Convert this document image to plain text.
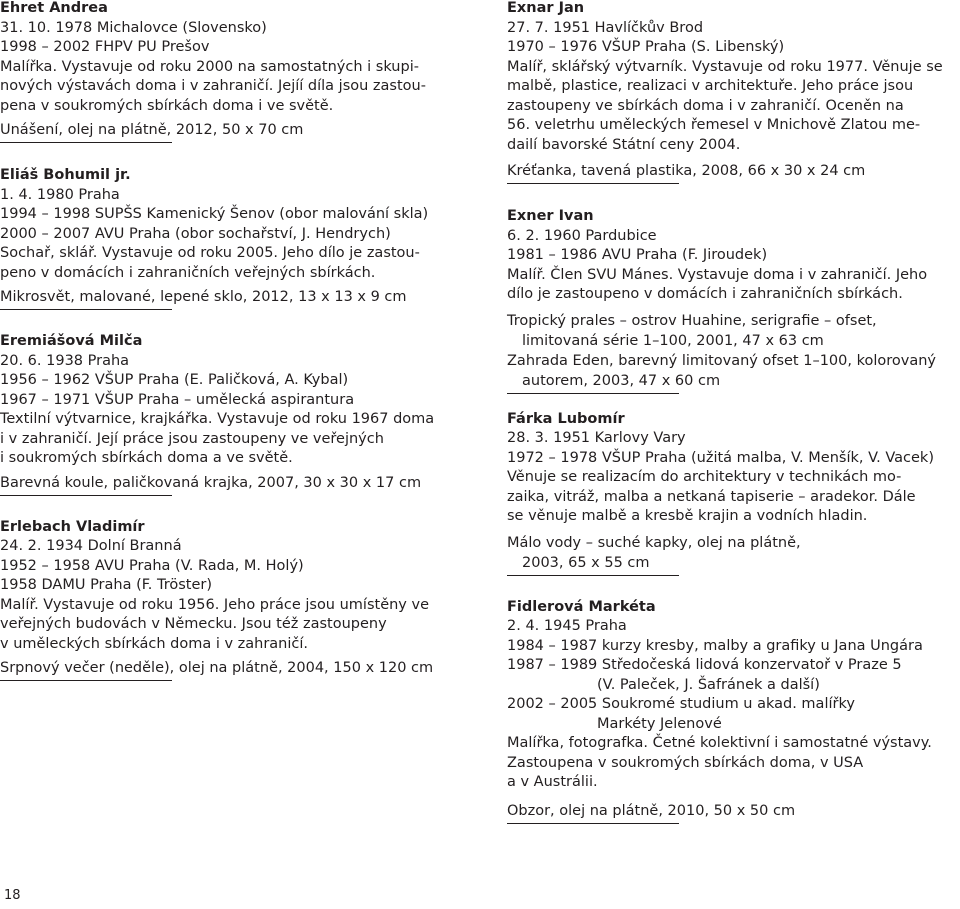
Ehret Andrea
31. 10. 1978 Michalovce (Slovensko)
1998 – 2002 FHPV PU Prešov
Malířka. Vystavuje od roku 2000 na samostatných i skupi-
nových výstavách doma i v zahraničí. Jejíí díla jsou zastou-
pena v soukromých sbírkách doma i ve světě.
Unášení, olej na plátně, 2012, 50 x 70 cm
Eliáš Bohumil jr.
1. 4. 1980 Praha
1994 – 1998 SUPŠS Kamenický Šenov (obor malování skla)
2000 – 2007 AVU Praha (obor sochařství, J. Hendrych)
Sochař, sklář. Vystavuje od roku 2005. Jeho dílo je zastou-
peno v domácích i zahraničních veřejných sbírkách.
Mikrosvět, malované, lepené sklo, 2012, 13 x 13 x 9 cm
Eremiášová Milča
20. 6. 1938 Praha
1956 – 1962 VŠUP Praha (E. Paličková, A. Kybal)
1967 – 1971 VŠUP Praha – umělecká aspirantura
Textilní výtvarnice, krajkářka. Vystavuje od roku 1967 doma
i v zahraničí. Její práce jsou zastoupeny ve veřejných
i soukromých sbírkách doma a ve světě.
Barevná koule, paličkovaná krajka, 2007, 30 x 30 x 17 cm
Erlebach Vladimír
24. 2. 1934 Dolní Branná
1952 – 1958 AVU Praha (V. Rada, M. Holý)
1958 DAMU Praha (F. Tröster)
Malíř. Vystavuje od roku 1956. Jeho práce jsou umístěny ve
veřejných budovách v Německu. Jsou též zastoupeny
v uměleckých sbírkách doma i v zahraničí.
Srpnový večer (neděle), olej na plátně, 2004, 150 x 120 cm
Exnar Jan
27. 7. 1951 Havlíčkův Brod
1970 – 1976 VŠUP Praha (S. Libenský)
Malíř, sklářský výtvarník. Vystavuje od roku 1977. Věnuje se
malbě, plastice, realizaci v architektuře. Jeho práce jsou
zastoupeny ve sbírkách doma i v zahraničí. Oceněn na
56. veletrhu uměleckých řemesel v Mnichově Zlatou me-
dailí bavorské Státní ceny 2004.
Kréťanka, tavená plastika, 2008, 66 x 30 x 24 cm
Exner Ivan
6. 2. 1960 Pardubice
1981 – 1986 AVU Praha (F. Jiroudek)
Malíř. Člen SVU Mánes. Vystavuje doma i v zahraničí. Jeho
dílo je zastoupeno v domácích i zahraničních sbírkách.
Tropický prales – ostrov Huahine, serigrafie – ofset,
limitovaná série 1–100, 2001, 47 x 63 cm
Zahrada Eden, barevný limitovaný ofset 1–100, kolorovaný
autorem, 2003, 47 x 60 cm
Fárka Lubomír
28. 3. 1951 Karlovy Vary
1972 – 1978 VŠUP Praha (užitá malba, V. Menšík, V. Vacek)
Věnuje se realizacím do architektury v technikách mo-
zaika, vitráž, malba a netkaná tapiserie – aradekor. Dále
se věnuje malbě a kresbě krajin a vodních hladin.
Málo vody – suché kapky, olej na plátně,
2003, 65 x 55 cm
Fidlerová Markéta
2. 4. 1945 Praha
1984 – 1987 kurzy kresby, malby a grafiky u Jana Ungára
1987 – 1989 Středočeská lidová konzervatoř v Praze 5
(V. Paleček, J. Šafránek a další)
2002 – 2005 Soukromé studium u akad. malířky
Markéty Jelenové
Malířka, fotografka. Četné kolektivní i samostatné výstavy.
Zastoupena v soukromých sbírkách doma, v USA
a v Austrálii.
Obzor, olej na plátně, 2010, 50 x 50 cm
18
